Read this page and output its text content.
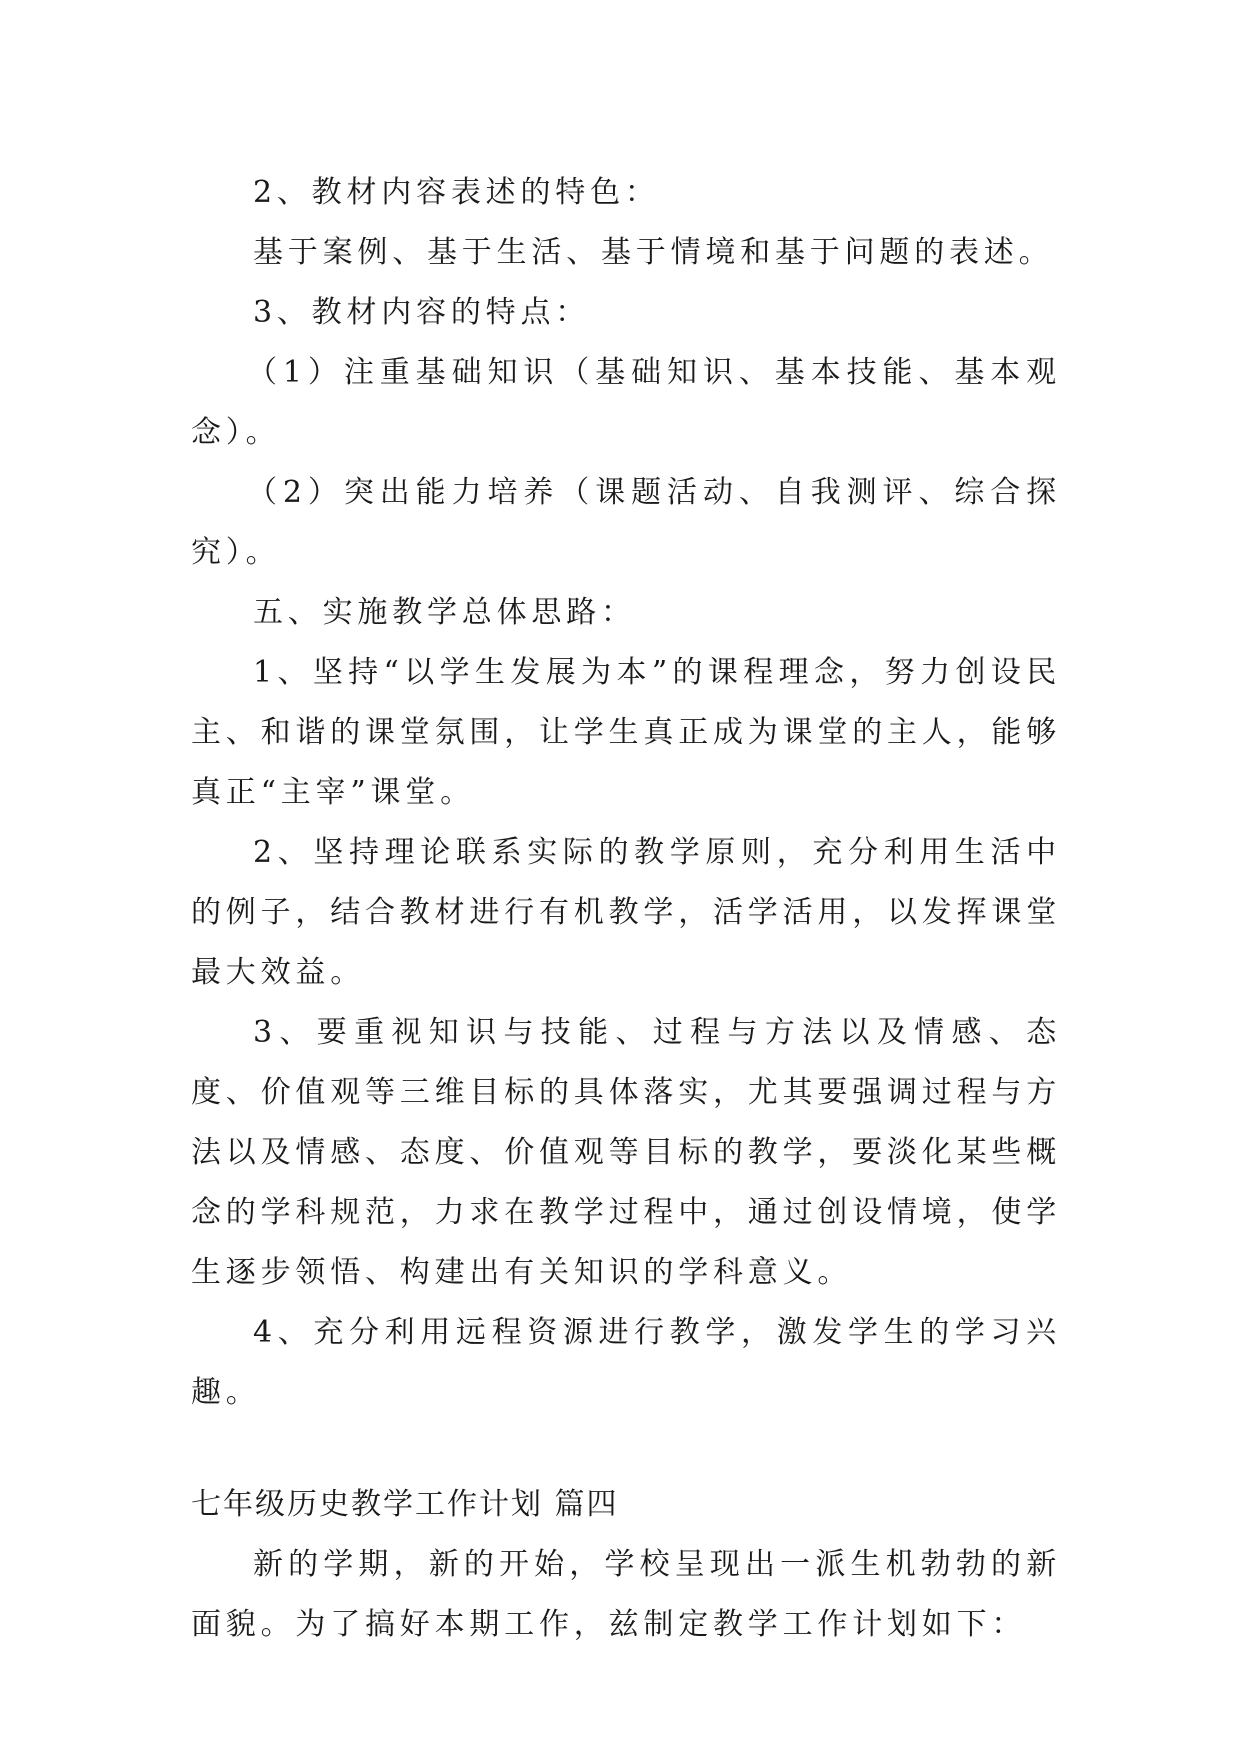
2、教材内容表述的特色：

基于案例、基于生活、基于情境和基于问题的表述。

3、教材内容的特点：

（1）注重基础知识（基础知识、基本技能、基本观念）。

（2）突出能力培养（课题活动、自我测评、综合探究）。

五、实施教学总体思路：

1、坚持“以学生发展为本”的课程理念，努力创设民主、和谐的课堂氛围，让学生真正成为课堂的主人，能够真正“主宰”课堂。

2、坚持理论联系实际的教学原则，充分利用生活中的例子，结合教材进行有机教学，活学活用，以发挥课堂最大效益。

3、要重视知识与技能、过程与方法以及情感、态度、价值观等三维目标的具体落实，尤其要强调过程与方法以及情感、态度、价值观等目标的教学，要淡化某些概念的学科规范，力求在教学过程中，通过创设情境，使学生逐步领悟、构建出有关知识的学科意义。

4、充分利用远程资源进行教学，激发学生的学习兴趣。

七年级历史教学工作计划 篇四

新的学期，新的开始，学校呈现出一派生机勃勃的新面貌。为了搞好本期工作，兹制定教学工作计划如下：
